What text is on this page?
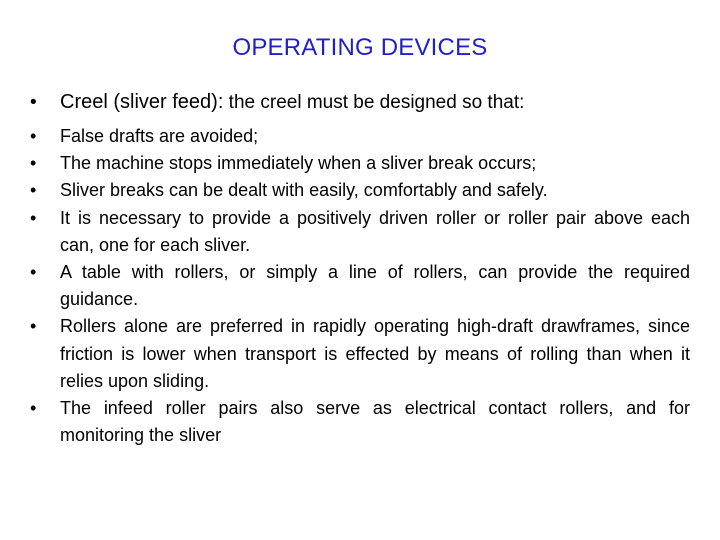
OPERATING DEVICES
• Creel (sliver feed): the creel must be designed so that:
• False drafts are avoided;
• The machine stops immediately when a sliver break occurs;
• Sliver breaks can be dealt with easily, comfortably and safely.
• It is necessary to provide a positively driven roller or roller pair above each can, one for each sliver.
• A table with rollers, or simply a line of rollers, can provide the required guidance.
• Rollers alone are preferred in rapidly operating high-draft drawframes, since friction is lower when transport is effected by means of rolling than when it relies upon sliding.
• The infeed roller pairs also serve as electrical contact rollers, and for monitoring the sliver
